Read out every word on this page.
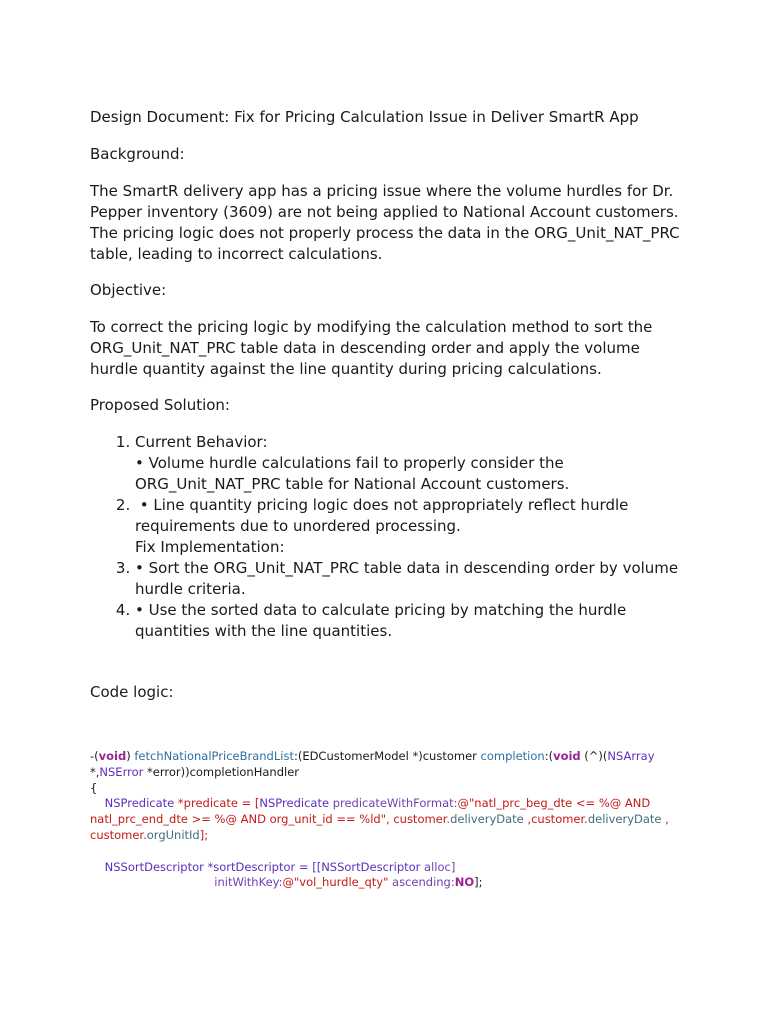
Design Document: Fix for Pricing Calculation Issue in Deliver SmartR App

Background:

The SmartR delivery app has a pricing issue where the volume hurdles for Dr. Pepper inventory (3609) are not being applied to National Account customers. The pricing logic does not properly process the data in the ORG_Unit_NAT_PRC table, leading to incorrect calculations.

Objective:

To correct the pricing logic by modifying the calculation method to sort the ORG_Unit_NAT_PRC table data in descending order and apply the volume hurdle quantity against the line quantity during pricing calculations.

Proposed Solution:

1. Current Behavior:
• Volume hurdle calculations fail to properly consider the ORG_Unit_NAT_PRC table for National Account customers.
2.  • Line quantity pricing logic does not appropriately reflect hurdle requirements due to unordered processing.
Fix Implementation:
3. • Sort the ORG_Unit_NAT_PRC table data in descending order by volume hurdle criteria.
4. • Use the sorted data to calculate pricing by matching the hurdle quantities with the line quantities.

Code logic:

-(void) fetchNationalPriceBrandList:(EDCustomerModel *)customer completion:(void (^)(NSArray
*,NSError *error))completionHandler
{
NSPredicate *predicate = [NSPredicate predicateWithFormat:@"natl_prc_beg_dte <= %@ AND
natl_prc_end_dte >= %@ AND org_unit_id == %ld", customer.deliveryDate ,customer.deliveryDate ,
customer.orgUnitId];

NSSortDescriptor *sortDescriptor = [[NSSortDescriptor alloc]
initWithKey:@"vol_hurdle_qty" ascending:NO];
